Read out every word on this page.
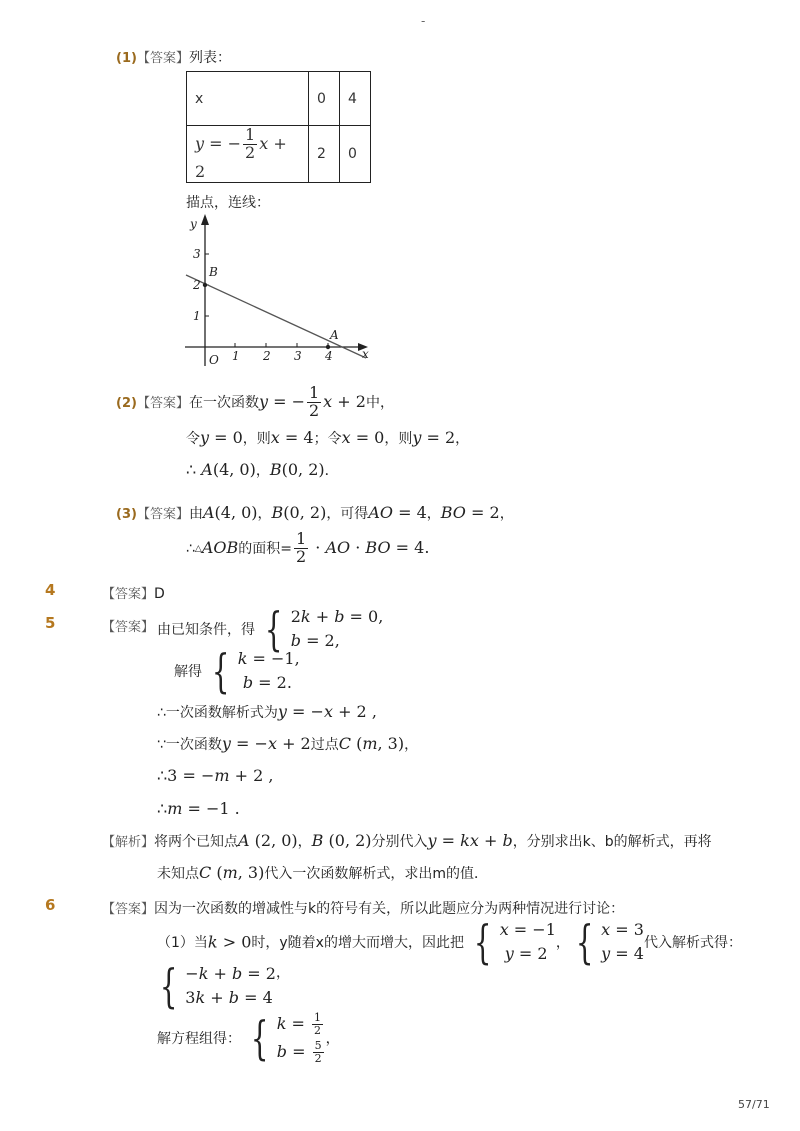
-
(1)【答案】列表：
x	0	4
y = − $\frac{1}{2}$ x + 2	2	0
描点，连线：
y
x
O 1 2 3 4
1
2
3
B
A
(2)【答案】在一次函数y = − $\frac{1}{2}$ x + 2中，
令y = 0，则x = 4；令x = 0，则y = 2，
∴ A(4, 0)，B(0, 2)．
(3)【答案】由A(4, 0)，B(0, 2)，可得AO = 4，BO = 2，
∴△AOB的面积= $\frac{1}{2}$ · AO · BO = 4.
4	【答案】D
5	【答案】 由已知条件，得 { 2k + b = 0,
b = 2,
解得 { k = −1,
b = 2.
∴一次函数解析式为y = −x + 2 ,
∵一次函数y = −x + 2过点C (m, 3)，
∴3 = −m + 2 ,
∴m = −1 .
【解析】将两个已知点A (2, 0)，B (0, 2)分别代入y = kx + b，分别求出k、b的解析式，再将
未知点C (m, 3)代入一次函数解析式，求出m的值．
6	【答案】因为一次函数的增减性与k的符号有关，所以此题应分为两种情况进行讨论：
（1）当k > 0时，y随着x的增大而增大，因此把 { x = −1
y = 2
， { x = 3
y = 4
代入解析式得：
{ −k + b = 2
3k + b = 4
，
解方程组得： { $k = \frac{1}{2}$
$b = \frac{5}{2}$
，
57/71
